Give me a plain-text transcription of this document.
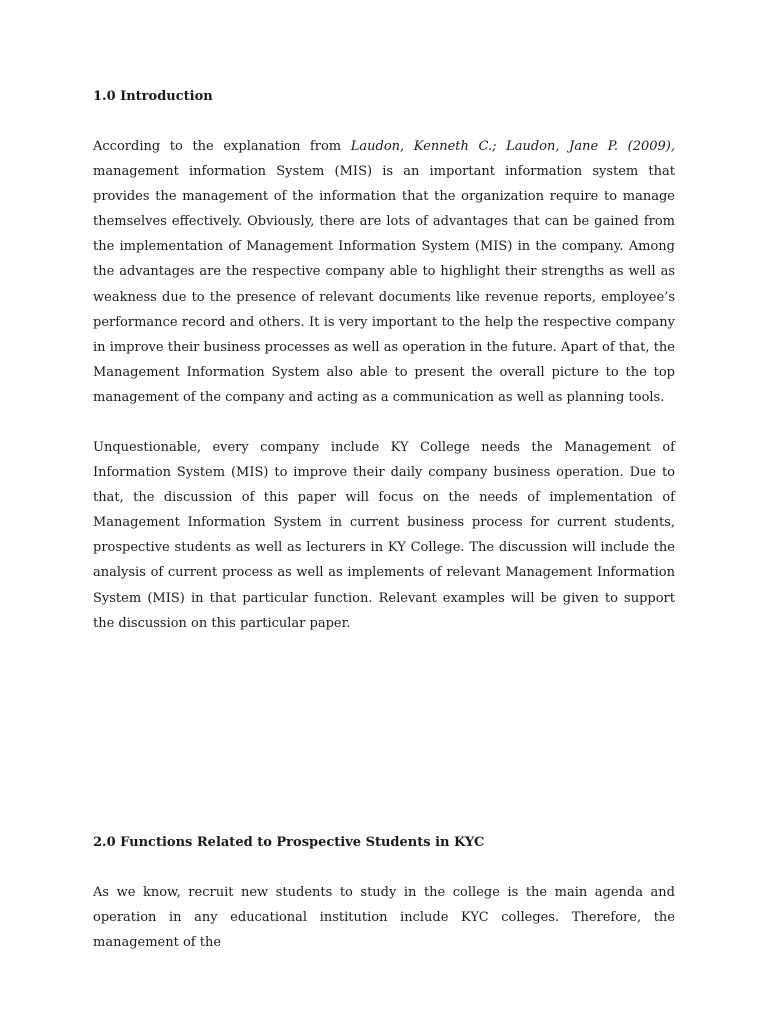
1.0 Introduction

According to the explanation from Laudon, Kenneth C.; Laudon, Jane P. (2009), management information System (MIS) is an important information system that provides the management of the information that the organization require to manage themselves effectively. Obviously, there are lots of advantages that can be gained from the implementation of Management Information System (MIS) in the company. Among the advantages are the respective company able to highlight their strengths as well as weakness due to the presence of relevant documents like revenue reports, employee’s performance record and others. It is very important to the help the respective company in improve their business processes as well as operation in the future. Apart of that, the Management Information System also able to present the overall picture to the top management of the company and acting as a communication as well as planning tools.

Unquestionable, every company include KY College needs the Management of Information System (MIS) to improve their daily company business operation. Due to that, the discussion of this paper will focus on the needs of implementation of Management Information System in current business process for current students, prospective students as well as lecturers in KY College. The discussion will include the analysis of current process as well as implements of relevant Management Information System (MIS) in that particular function. Relevant examples will be given to support the discussion on this particular paper.

2.0 Functions Related to Prospective Students in KYC

As we know, recruit new students to study in the college is the main agenda and operation in any educational institution include KYC colleges. Therefore, the management of the
